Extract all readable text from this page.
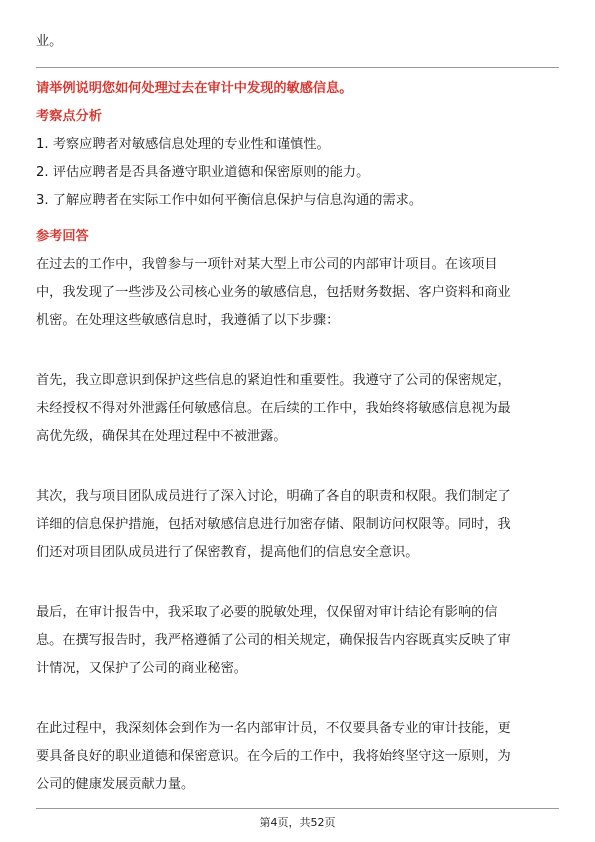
业。
请举例说明您如何处理过去在审计中发现的敏感信息。
考察点分析
1. 考察应聘者对敏感信息处理的专业性和谨慎性。
2. 评估应聘者是否具备遵守职业道德和保密原则的能力。
3. 了解应聘者在实际工作中如何平衡信息保护与信息沟通的需求。
参考回答
在过去的工作中，我曾参与一项针对某大型上市公司的内部审计项目。在该项目
中，我发现了一些涉及公司核心业务的敏感信息，包括财务数据、客户资料和商业
机密。在处理这些敏感信息时，我遵循了以下步骤：
首先，我立即意识到保护这些信息的紧迫性和重要性。我遵守了公司的保密规定，
未经授权不得对外泄露任何敏感信息。在后续的工作中，我始终将敏感信息视为最
高优先级，确保其在处理过程中不被泄露。
其次，我与项目团队成员进行了深入讨论，明确了各自的职责和权限。我们制定了
详细的信息保护措施，包括对敏感信息进行加密存储、限制访问权限等。同时，我
们还对项目团队成员进行了保密教育，提高他们的信息安全意识。
最后，在审计报告中，我采取了必要的脱敏处理，仅保留对审计结论有影响的信
息。在撰写报告时，我严格遵循了公司的相关规定，确保报告内容既真实反映了审
计情况，又保护了公司的商业秘密。
在此过程中，我深刻体会到作为一名内部审计员，不仅要具备专业的审计技能，更
要具备良好的职业道德和保密意识。在今后的工作中，我将始终坚守这一原则，为
公司的健康发展贡献力量。
第4页，共52页
